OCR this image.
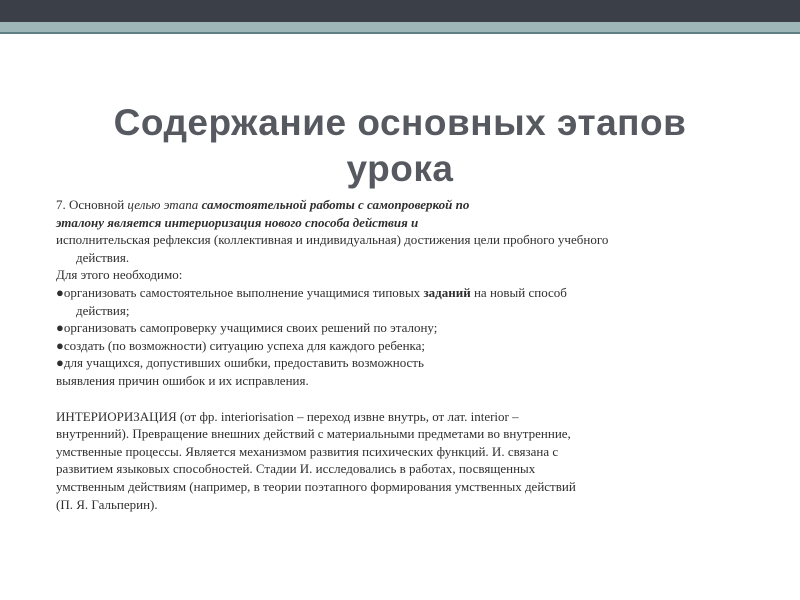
Содержание основных этапов
урока
7. Основной целью этапа самостоятельной работы с самопроверкой по
эталону является интериоризация нового способа действия и
исполнительская рефлексия (коллективная и индивидуальная) достижения цели пробного учебного
действия.
Для этого необходимо:
●организовать самостоятельное выполнение учащимися типовых заданий на новый способ
действия;
●организовать самопроверку учащимися своих решений по эталону;
●создать (по возможности) ситуацию успеха для каждого ребенка;
●для учащихся, допустивших ошибки, предоставить возможность
выявления причин ошибок и их исправления.
ИНТЕРИОРИЗАЦИЯ (от фр. interiorisation – переход извне внутрь, от лат. interior –
внутренний). Превращение внешних действий с материальными предметами во внутренние,
умственные процессы. Является механизмом развития психических функций. И. связана с
развитием языковых способностей. Стадии И. исследовались в работах, посвященных
умственным действиям (например, в теории поэтапного формирования умственных действий
(П. Я. Гальперин).
